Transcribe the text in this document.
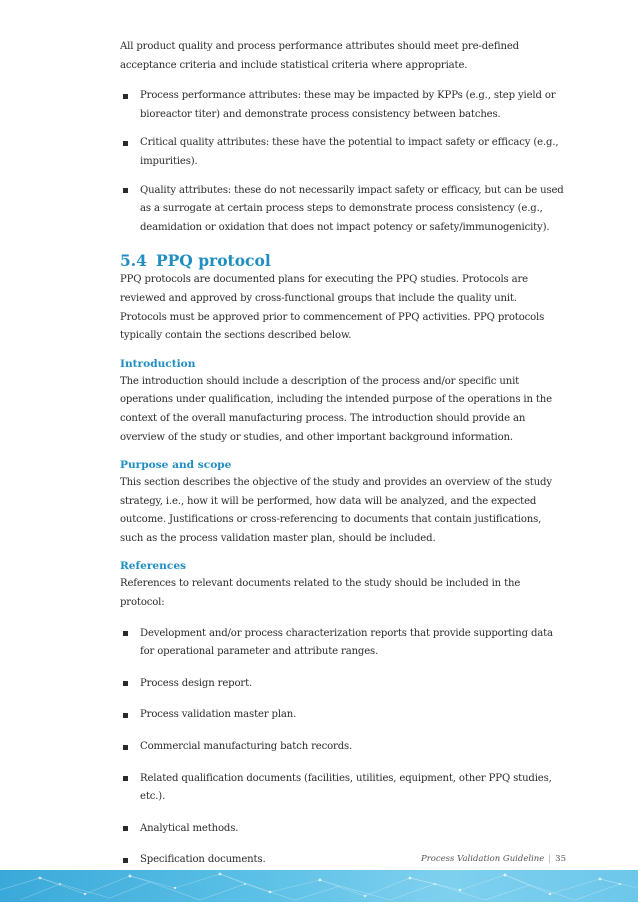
All product quality and process performance attributes should meet pre-defined acceptance criteria and include statistical criteria where appropriate.

Process performance attributes: these may be impacted by KPPs (e.g., step yield or bioreactor titer) and demonstrate process consistency between batches.
Critical quality attributes: these have the potential to impact safety or efficacy (e.g., impurities).
Quality attributes: these do not necessarily impact safety or efficacy, but can be used as a surrogate at certain process steps to demonstrate process consistency (e.g., deamidation or oxidation that does not impact potency or safety/immunogenicity).
5.4 PPQ protocol

PPQ protocols are documented plans for executing the PPQ studies. Protocols are reviewed and approved by cross-functional groups that include the quality unit. Protocols must be approved prior to commencement of PPQ activities. PPQ protocols typically contain the sections described below.

Introduction

The introduction should include a description of the process and/or specific unit operations under qualification, including the intended purpose of the operations in the context of the overall manufacturing process. The introduction should provide an overview of the study or studies, and other important background information.

Purpose and scope

This section describes the objective of the study and provides an overview of the study strategy, i.e., how it will be performed, how data will be analyzed, and the expected outcome. Justifications or cross-referencing to documents that contain justifications, such as the process validation master plan, should be included.

References

References to relevant documents related to the study should be included in the protocol:

Development and/or process characterization reports that provide supporting data for operational parameter and attribute ranges.
Process design report.
Process validation master plan.
Commercial manufacturing batch records.
Related qualification documents (facilities, utilities, equipment, other PPQ studies, etc.).
Analytical methods.
Specification documents.	Process Validation Guideline | 35
